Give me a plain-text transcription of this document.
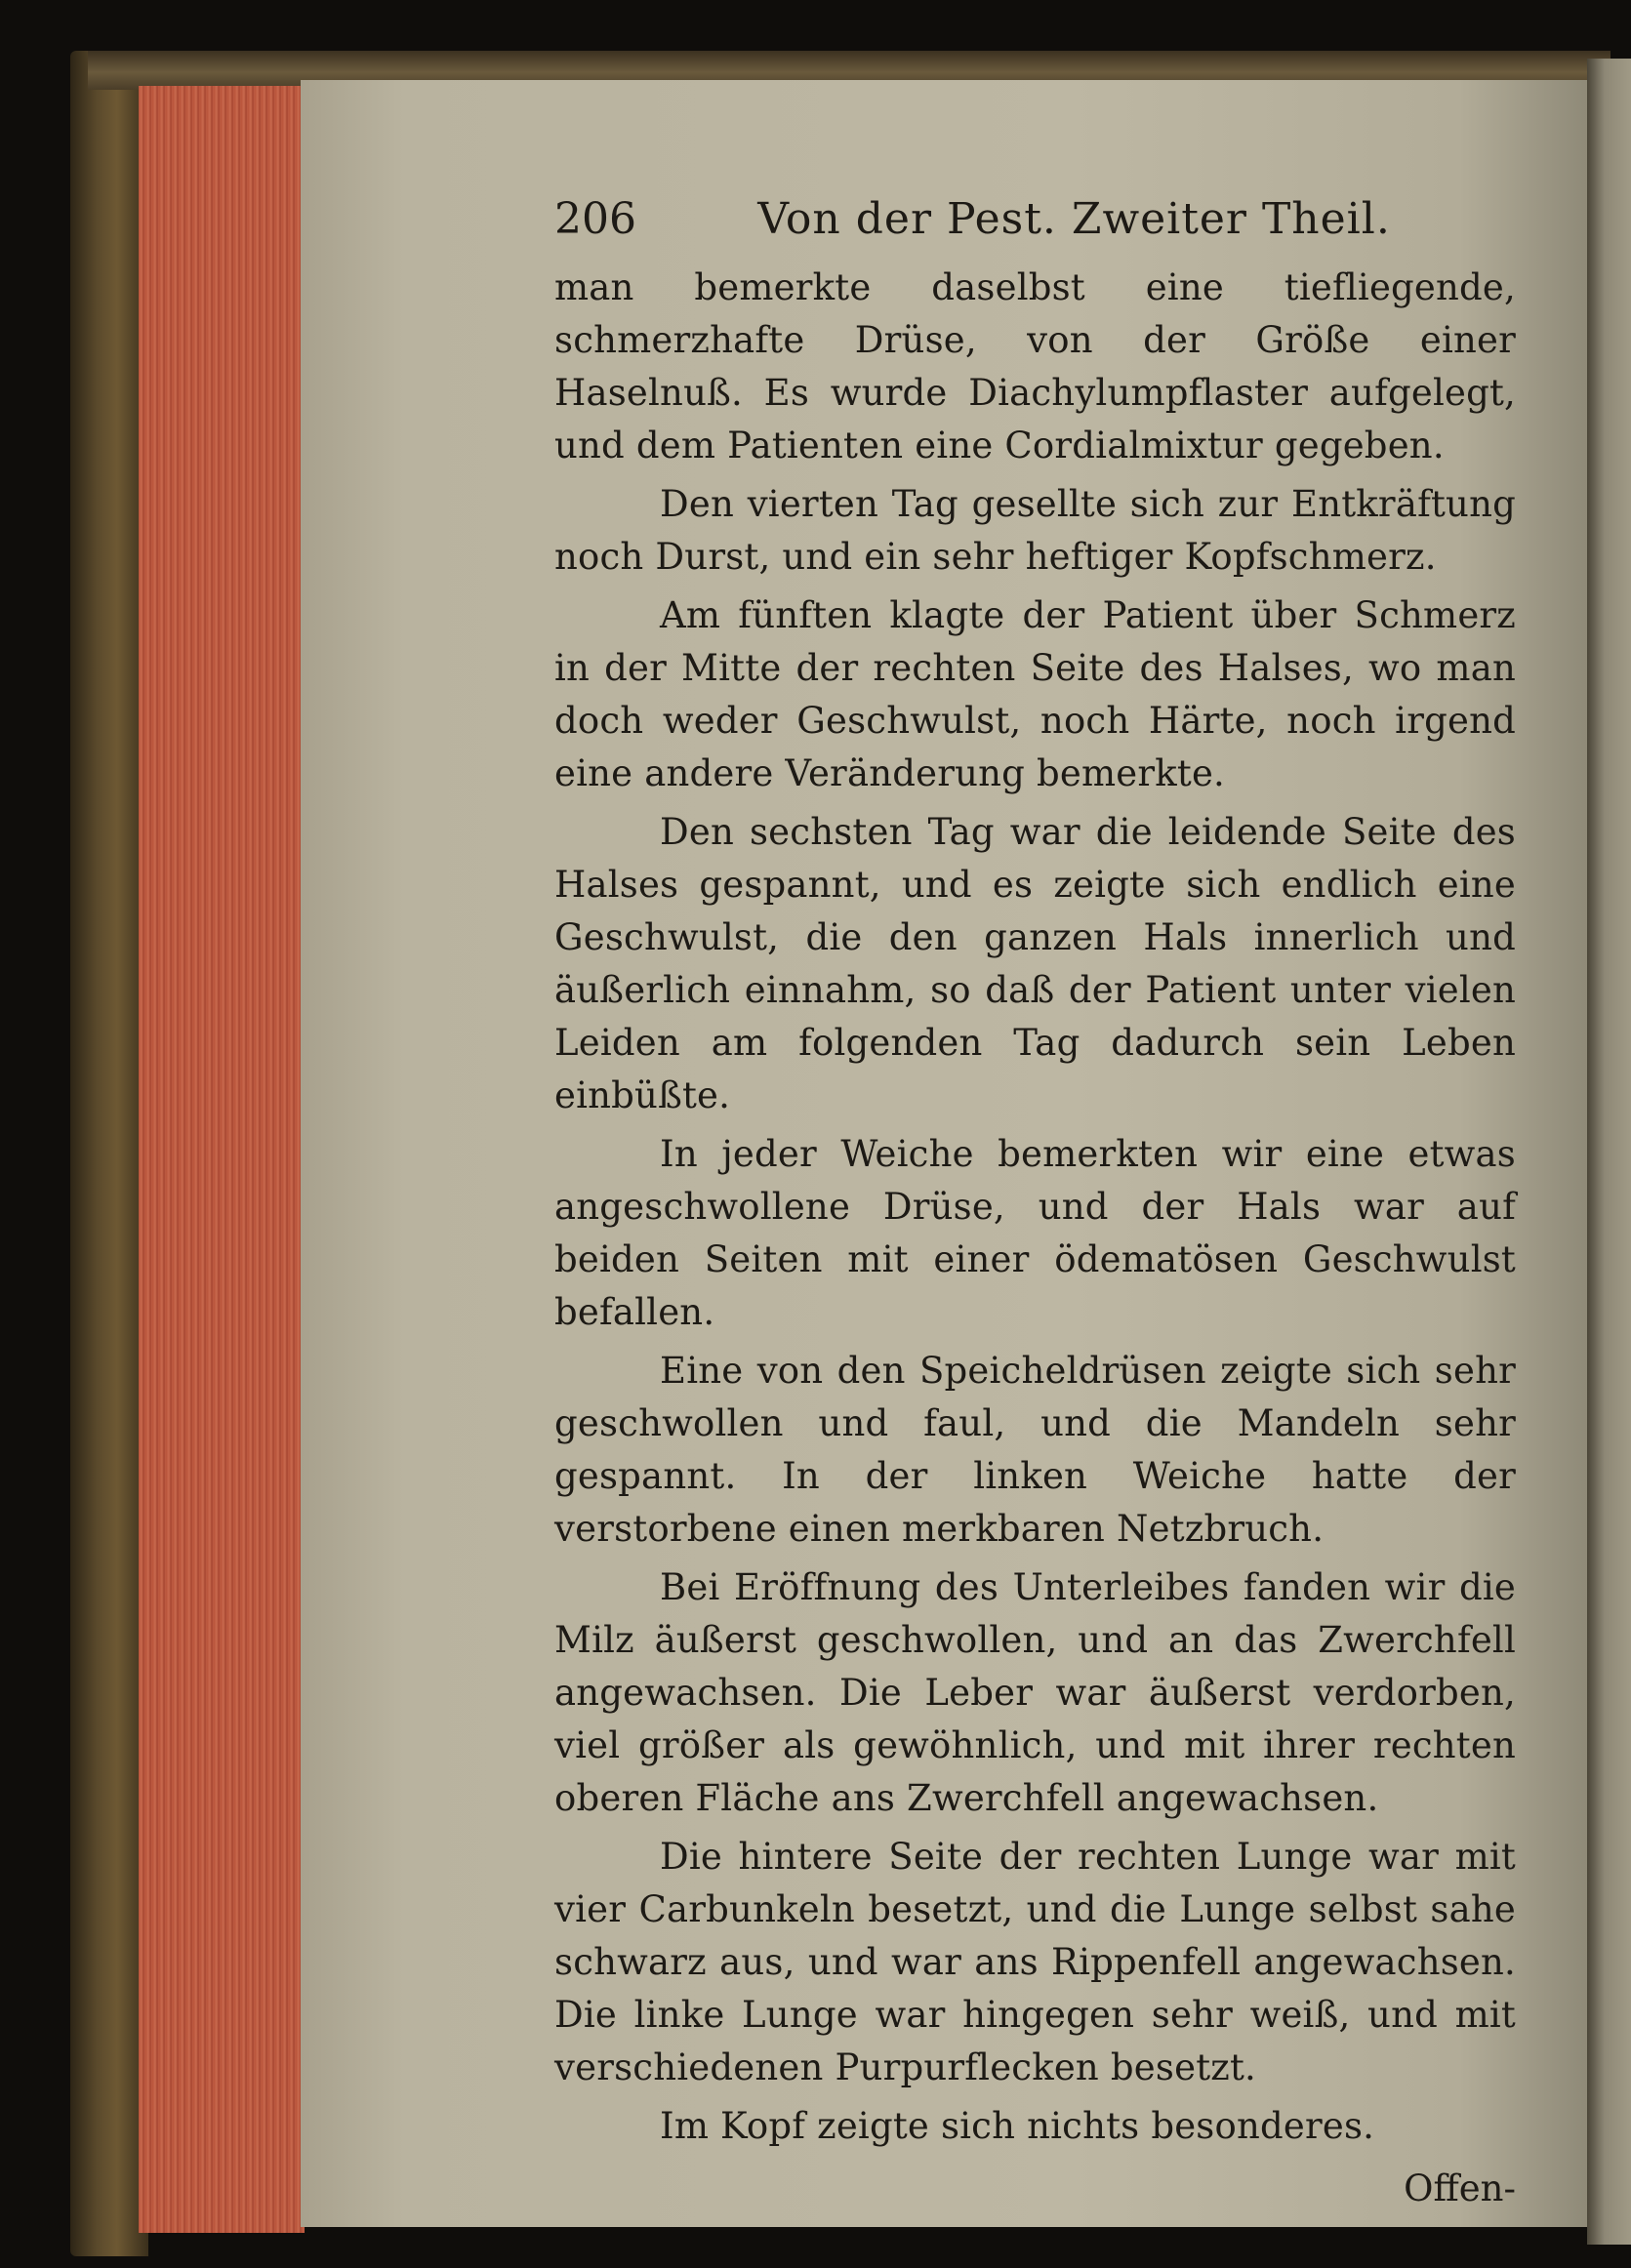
206	Von der Pest. Zweiter Theil.

man bemerkte daselbst eine tiefliegende, schmerzhafte Drüse, von der Größe einer Haselnuß. Es wurde Diachylumpflaster aufgelegt, und dem Patienten eine Cordialmixtur gegeben.

Den vierten Tag gesellte sich zur Entkräftung noch Durst, und ein sehr heftiger Kopfschmerz.

Am fünften klagte der Patient über Schmerz in der Mitte der rechten Seite des Halses, wo man doch weder Geschwulst, noch Härte, noch irgend eine andere Veränderung bemerkte.

Den sechsten Tag war die leidende Seite des Halses gespannt, und es zeigte sich endlich eine Geschwulst, die den ganzen Hals innerlich und äußerlich einnahm, so daß der Patient unter vielen Leiden am folgenden Tag dadurch sein Leben einbüßte.

In jeder Weiche bemerkten wir eine etwas angeschwollene Drüse, und der Hals war auf beiden Seiten mit einer ödematösen Geschwulst befallen.

Eine von den Speicheldrüsen zeigte sich sehr geschwollen und faul, und die Mandeln sehr gespannt. In der linken Weiche hatte der verstorbene einen merkbaren Netzbruch.

Bei Eröffnung des Unterleibes fanden wir die Milz äußerst geschwollen, und an das Zwerchfell angewachsen. Die Leber war äußerst verdorben, viel größer als gewöhnlich, und mit ihrer rechten oberen Fläche ans Zwerchfell angewachsen.

Die hintere Seite der rechten Lunge war mit vier Carbunkeln besetzt, und die Lunge selbst sahe schwarz aus, und war ans Rippenfell angewachsen. Die linke Lunge war hingegen sehr weiß, und mit verschiedenen Purpurflecken besetzt.

Im Kopf zeigte sich nichts besonderes.

Offen-
